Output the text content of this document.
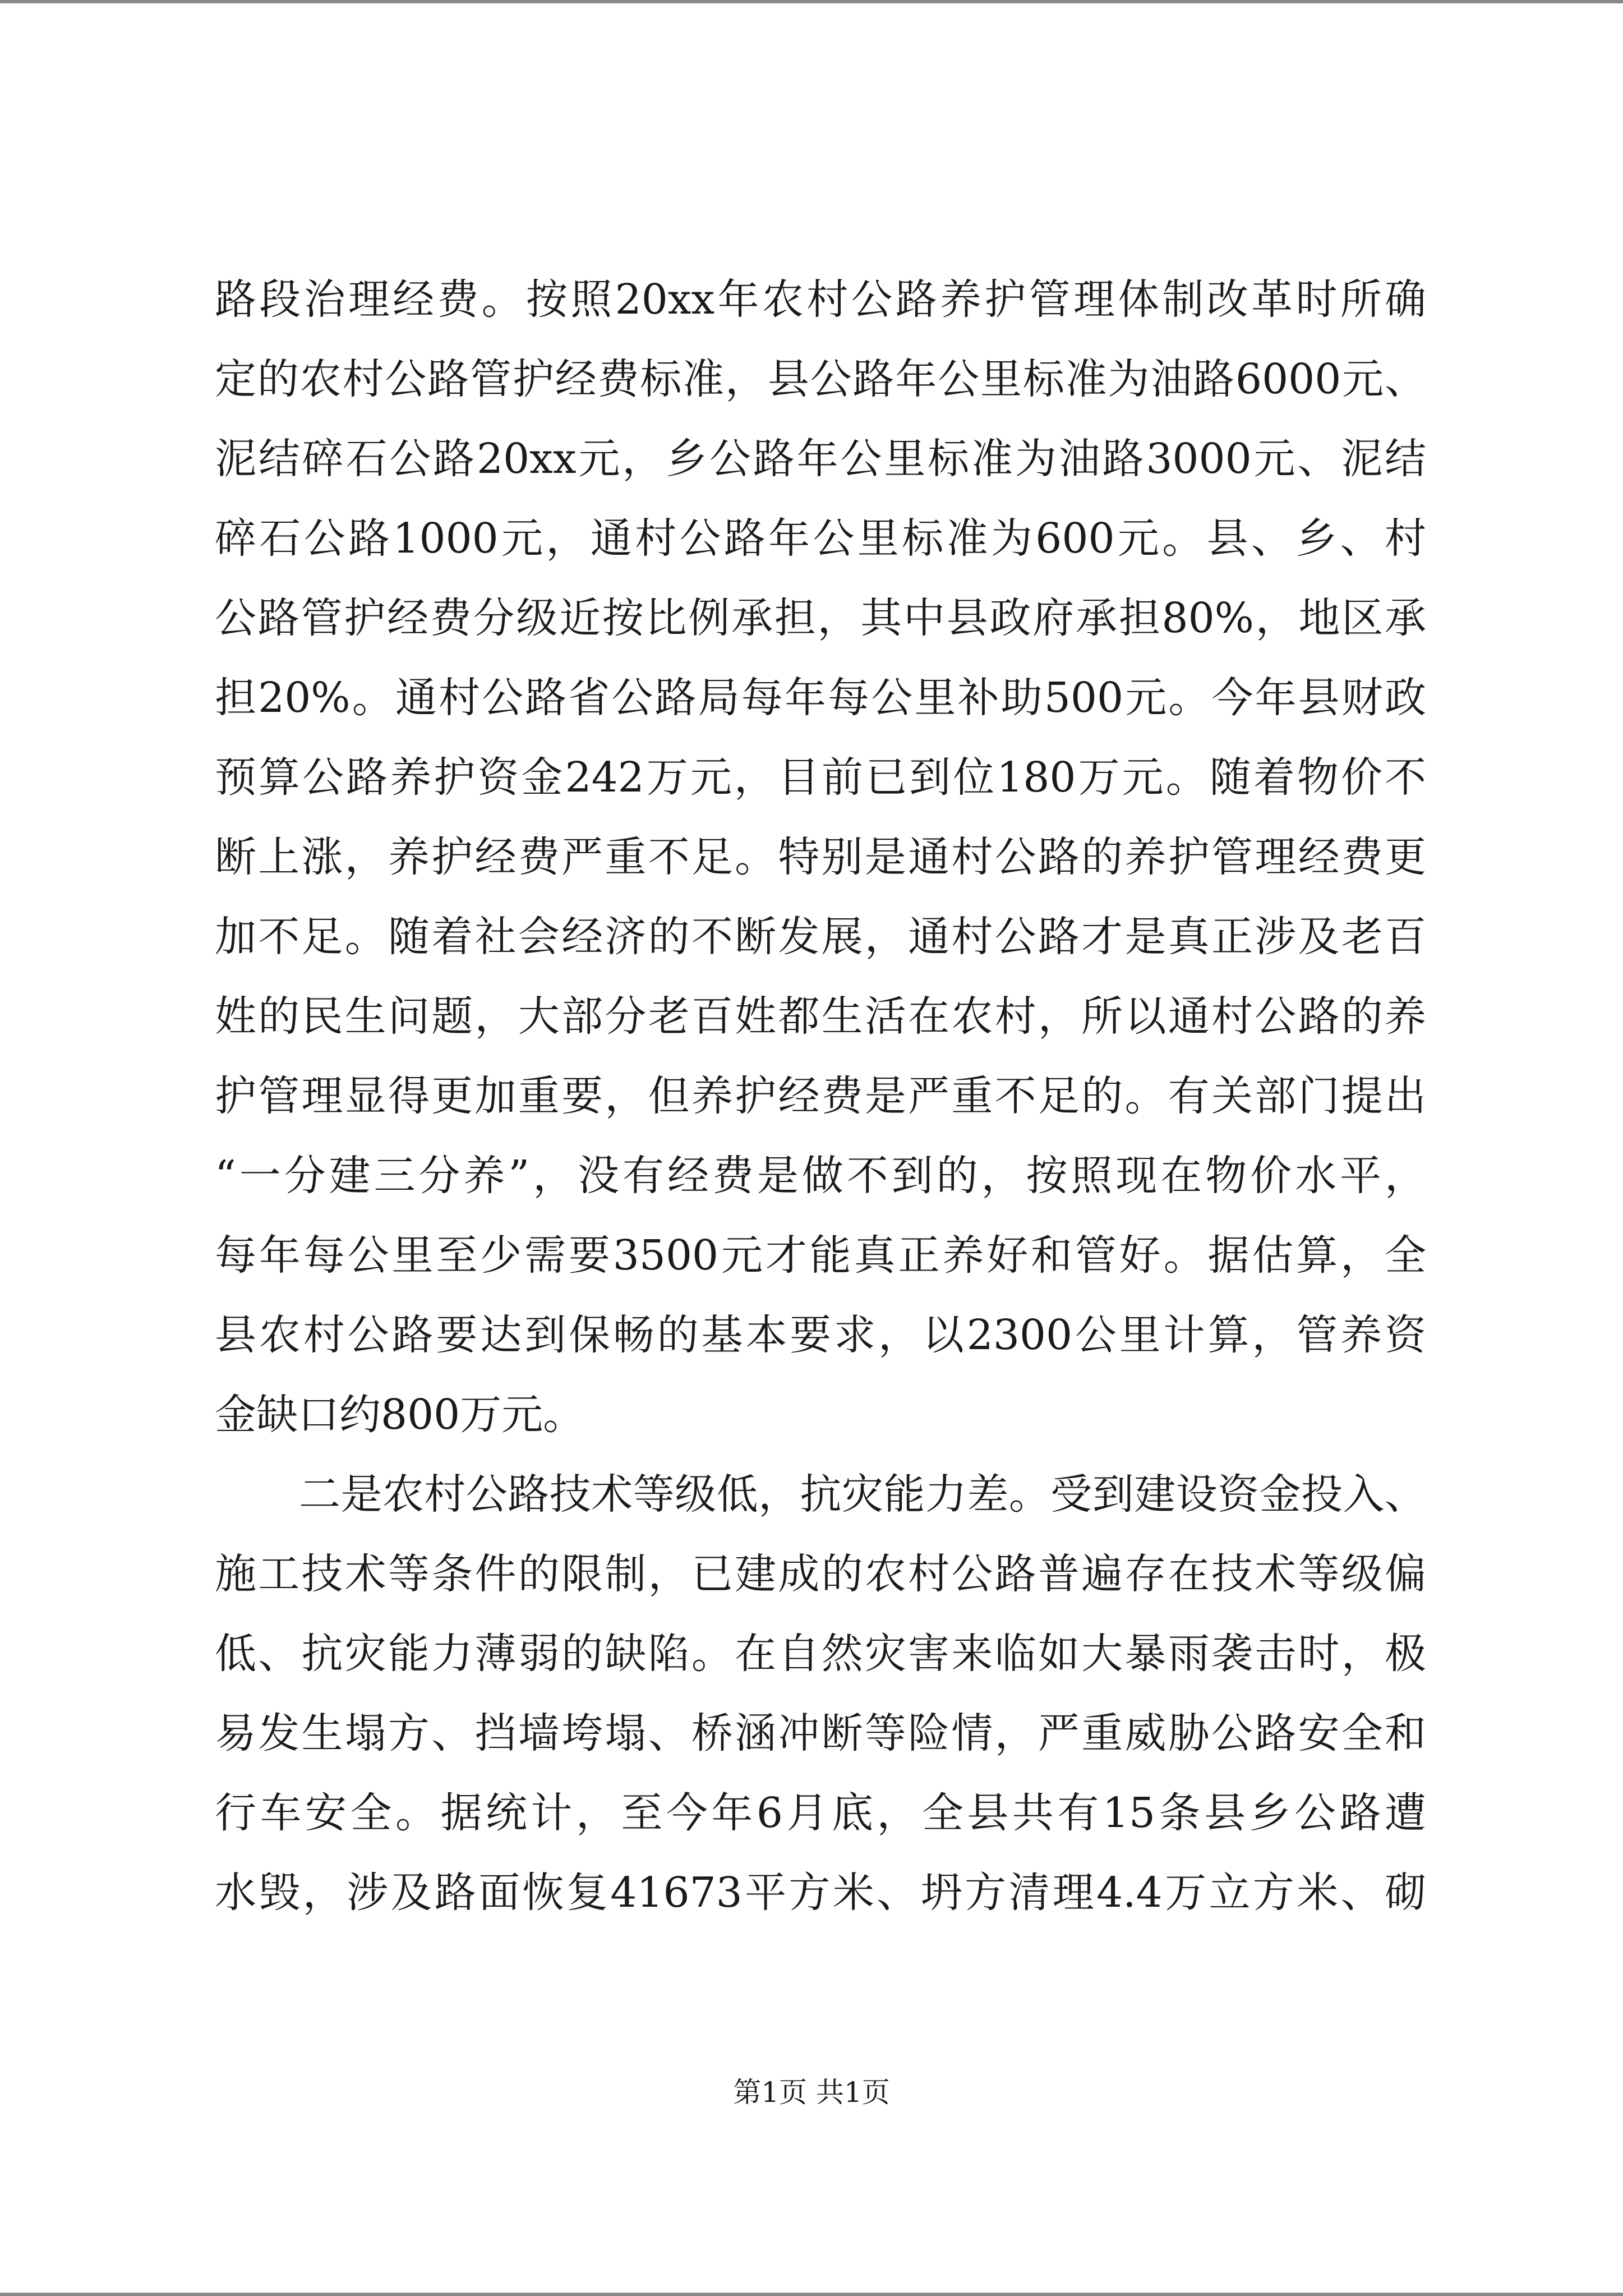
路段治理经费。按照20xx年农村公路养护管理体制改革时所确
定的农村公路管护经费标准，县公路年公里标准为油路6000元、
泥结碎石公路20xx元，乡公路年公里标准为油路3000元、泥结
碎石公路1000元，通村公路年公里标准为600元。县、乡、村
公路管护经费分级近按比例承担，其中县政府承担80%，地区承
担20%。通村公路省公路局每年每公里补助500元。今年县财政
预算公路养护资金242万元，目前已到位180万元。随着物价不
断上涨，养护经费严重不足。特别是通村公路的养护管理经费更
加不足。随着社会经济的不断发展，通村公路才是真正涉及老百
姓的民生问题，大部分老百姓都生活在农村，所以通村公路的养
护管理显得更加重要，但养护经费是严重不足的。有关部门提出
“一分建三分养”，没有经费是做不到的，按照现在物价水平，
每年每公里至少需要3500元才能真正养好和管好。据估算，全
县农村公路要达到保畅的基本要求，以2300公里计算，管养资
金缺口约800万元。
二是农村公路技术等级低，抗灾能力差。受到建设资金投入、
施工技术等条件的限制，已建成的农村公路普遍存在技术等级偏
低、抗灾能力薄弱的缺陷。在自然灾害来临如大暴雨袭击时，极
易发生塌方、挡墙垮塌、桥涵冲断等险情，严重威胁公路安全和
行车安全。据统计，至今年6月底，全县共有15条县乡公路遭
水毁，涉及路面恢复41673平方米、坍方清理4.4万立方米、砌
第1页 共1页
